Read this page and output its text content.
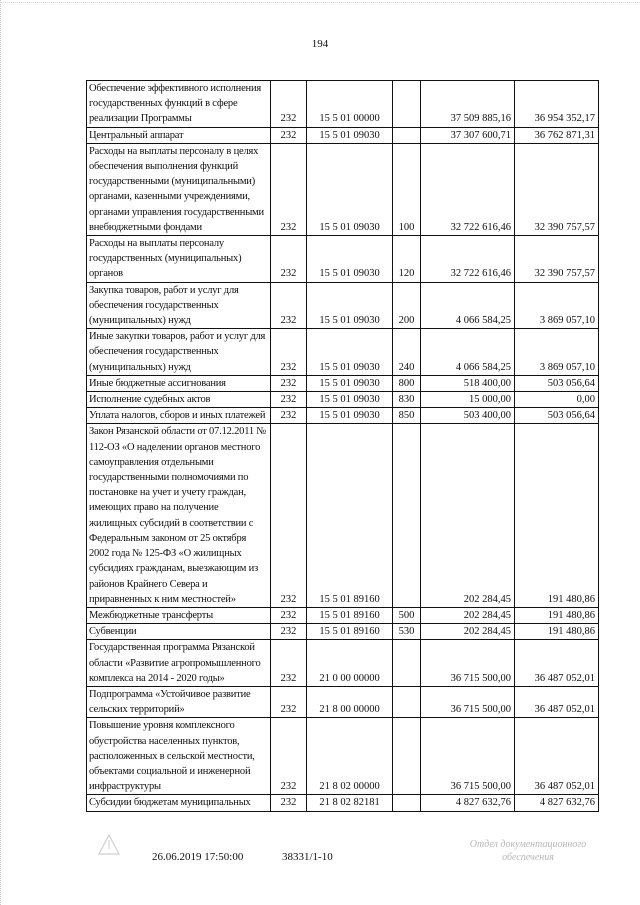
194
Обеспечение эффективного исполнения государственных функций в сфере реализации Программы	232	15 5 01 00000		37 509 885,16	36 954 352,17
Центральный аппарат	232	15 5 01 09030		37 307 600,71	36 762 871,31
Расходы на выплаты персоналу в целях обеспечения выполнения функций государственными (муниципальными) органами, казенными учреждениями, органами управления государственными внебюджетными фондами	232	15 5 01 09030	100	32 722 616,46	32 390 757,57
Расходы на выплаты персоналу государственных (муниципальных) органов	232	15 5 01 09030	120	32 722 616,46	32 390 757,57
Закупка товаров, работ и услуг для обеспечения государственных (муниципальных) нужд	232	15 5 01 09030	200	4 066 584,25	3 869 057,10
Иные закупки товаров, работ и услуг для обеспечения государственных (муниципальных) нужд	232	15 5 01 09030	240	4 066 584,25	3 869 057,10
Иные бюджетные ассигнования	232	15 5 01 09030	800	518 400,00	503 056,64
Исполнение судебных актов	232	15 5 01 09030	830	15 000,00	0,00
Уплата налогов, сборов и иных платежей	232	15 5 01 09030	850	503 400,00	503 056,64
Закон Рязанской области от 07.12.2011 № 112-ОЗ «О наделении органов местного самоуправления отдельными государственными полномочиями по постановке на учет и учету граждан, имеющих право на получение жилищных субсидий в соответствии с Федеральным законом от 25 октября 2002 года № 125-ФЗ «О жилищных субсидиях гражданам, выезжающим из районов Крайнего Севера и приравненных к ним местностей»	232	15 5 01 89160		202 284,45	191 480,86
Межбюджетные трансферты	232	15 5 01 89160	500	202 284,45	191 480,86
Субвенции	232	15 5 01 89160	530	202 284,45	191 480,86
Государственная программа Рязанской области «Развитие агропромышленного комплекса на 2014 - 2020 годы»	232	21 0 00 00000		36 715 500,00	36 487 052,01
Подпрограмма «Устойчивое развитие сельских территорий»	232	21 8 00 00000		36 715 500,00	36 487 052,01
Повышение уровня комплексного обустройства населенных пунктов, расположенных в сельской местности, объектами социальной и инженерной инфраструктуры	232	21 8 02 00000		36 715 500,00	36 487 052,01
Субсидии бюджетам муниципальных	232	21 8 02 82181		4 827 632,76	4 827 632,76
26.06.2019 17:50:00	38331/1-10
Отдел документационного
обеспечения
